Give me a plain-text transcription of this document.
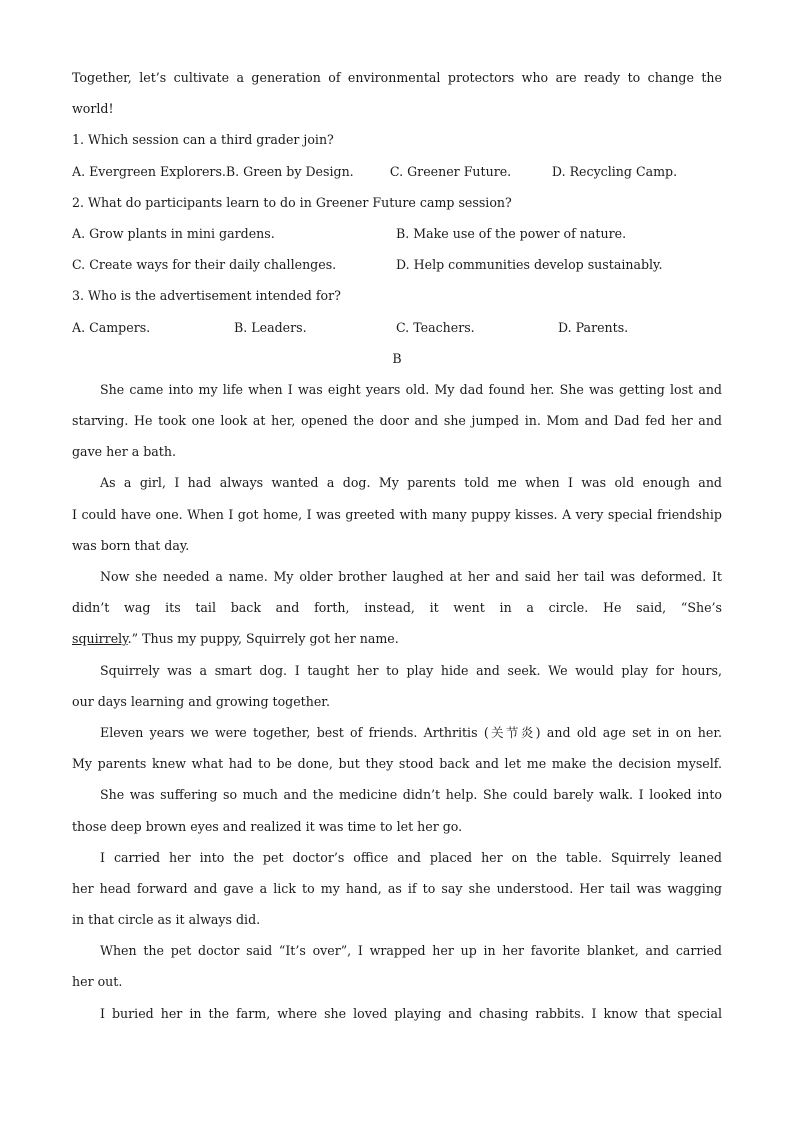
Together, let’s cultivate a generation of environmental protectors who are ready to change the
world!
1. Which session can a third grader join?
A. Evergreen Explorers.B. Green by Design.	C. Greener Future.	D. Recycling Camp.
2. What do participants learn to do in Greener Future camp session?
A. Grow plants in mini gardens.	B. Make use of the power of nature.
C. Create ways for their daily challenges.	D. Help communities develop sustainably.
3. Who is the advertisement intended for?
A. Campers.	B. Leaders.	C. Teachers.	D. Parents.
B
She came into my life when I was eight years old. My dad found her. She was getting lost and
starving. He took one look at her, opened the door and she jumped in. Mom and Dad fed her and
gave her a bath.
As a girl, I had always wanted a dog. My parents told me when I was old enough and
I could have one. When I got home, I was greeted with many puppy kisses. A very special friendship
was born that day.
Now she needed a name. My older brother laughed at her and said her tail was deformed. It
didn’t wag its tail back and forth, instead, it went in a circle. He said, “She’s
squirrely.” Thus my puppy, Squirrely got her name.
Squirrely was a smart dog. I taught her to play hide and seek. We would play for hours,
our days learning and growing together.
Eleven years we were together, best of friends. Arthritis (关节炎) and old age set in on her.
My parents knew what had to be done, but they stood back and let me make the decision myself.
She was suffering so much and the medicine didn’t help. She could barely walk. I looked into
those deep brown eyes and realized it was time to let her go.
I carried her into the pet doctor’s office and placed her on the table. Squirrely leaned
her head forward and gave a lick to my hand, as if to say she understood. Her tail was wagging
in that circle as it always did.
When the pet doctor said “It’s over”, I wrapped her up in her favorite blanket, and carried
her out.
I buried her in the farm, where she loved playing and chasing rabbits. I know that special
